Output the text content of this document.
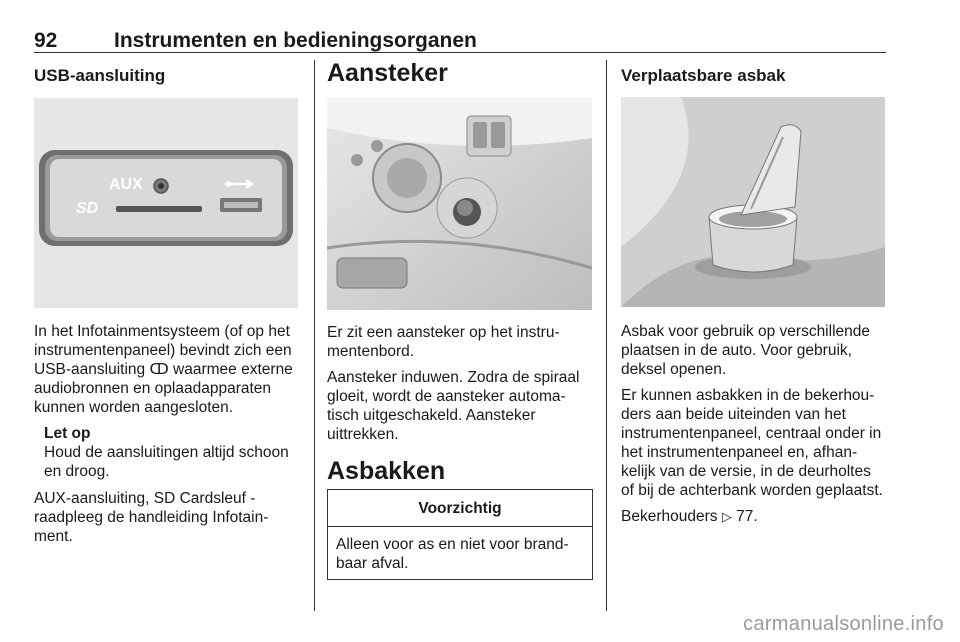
92	Instrumenten en bedieningsorganen
USB-aansluiting
AUX
SD

In het Infotainmentsysteem (of op het instrumentenpaneel) bevindt zich een USB-aansluiting ↀ waarmee externe audiobronnen en oplaadapparaten kunnen worden aangesloten.

Let op
Houd de aansluitingen altijd schoon en droog.

AUX-aansluiting, SD Cardsleuf - raadpleeg de handleiding Infotain-ment.

Aansteker

Er zit een aansteker op het instru-mentenbord.

Aansteker induwen. Zodra de spiraal gloeit, wordt de aansteker automa-tisch uitgeschakeld. Aansteker uittrekken.

Asbakken
Voorzichtig
Alleen voor as en niet voor brand-baar afval.
Verplaatsbare asbak

Asbak voor gebruik op verschillende plaatsen in de auto. Voor gebruik, deksel openen.

Er kunnen asbakken in de bekerhou-ders aan beide uiteinden van het instrumentenpaneel, centraal onder in het instrumentenpaneel en, afhan-kelijk van de versie, in de deurholtes of bij de achterbank worden geplaatst.

Bekerhouders ▷ 77.

carmanualsonline.info
